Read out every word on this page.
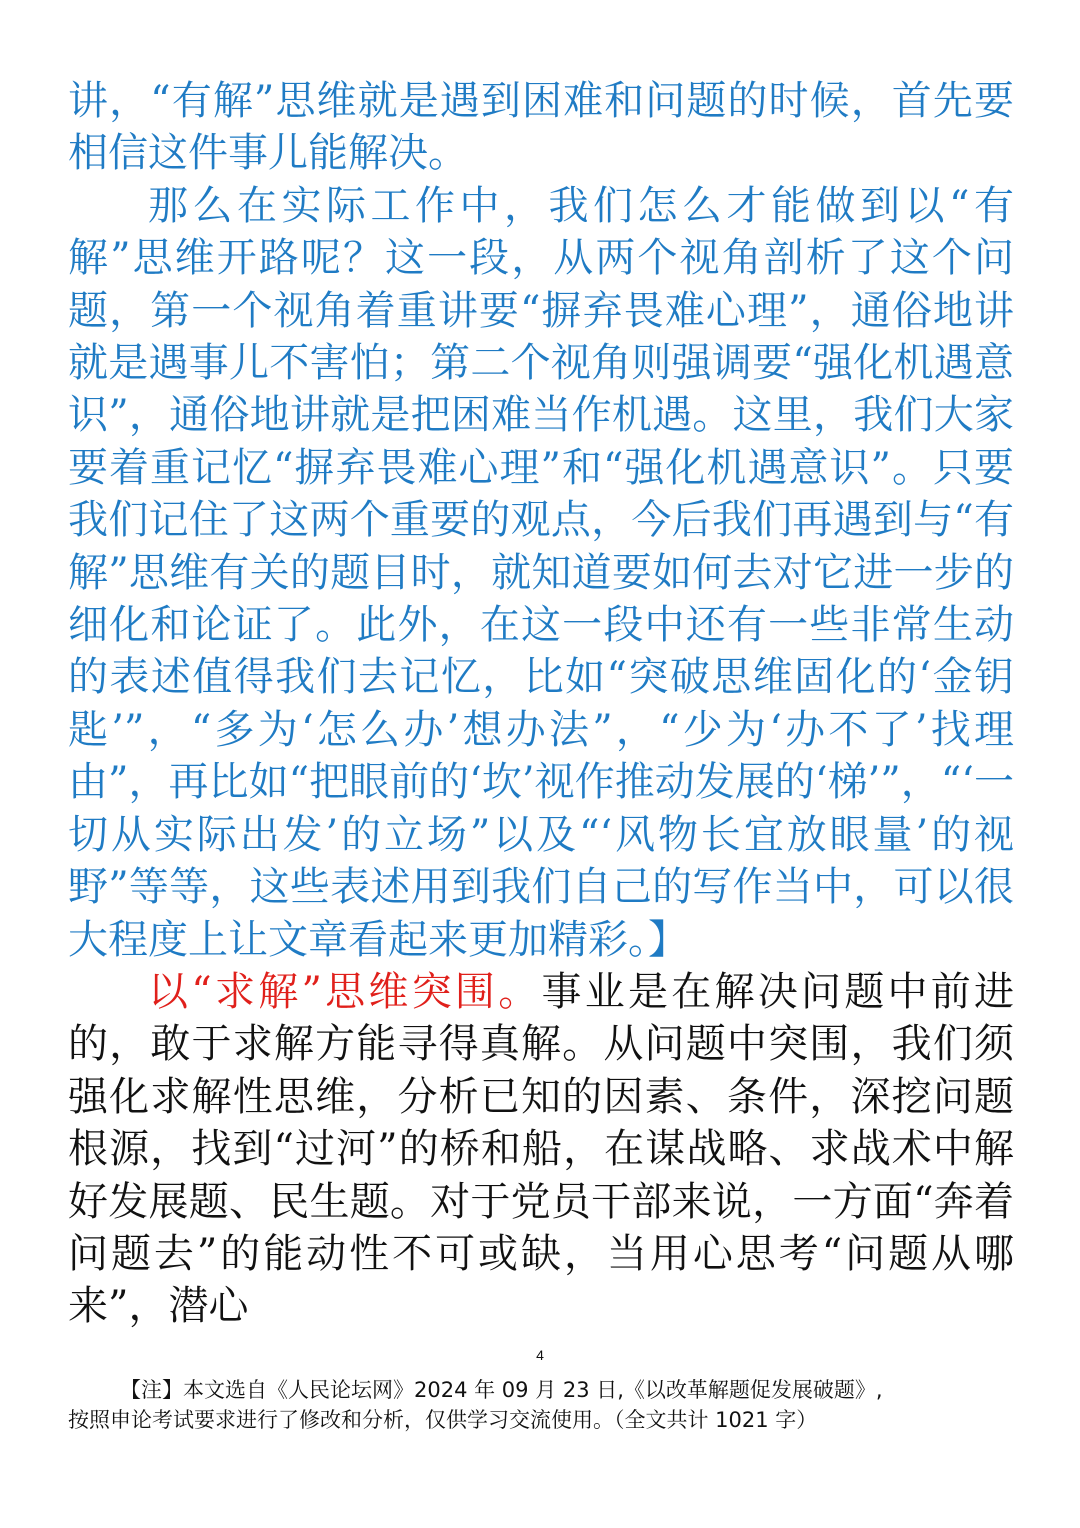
讲，“有解”思维就是遇到困难和问题的时候，首先要相信这件事儿能解决。

那么在实际工作中，我们怎么才能做到以“有解”思维开路呢？这一段，从两个视角剖析了这个问题，第一个视角着重讲要“摒弃畏难心理”，通俗地讲就是遇事儿不害怕；第二个视角则强调要“强化机遇意识”，通俗地讲就是把困难当作机遇。这里，我们大家要着重记忆“摒弃畏难心理”和“强化机遇意识”。只要我们记住了这两个重要的观点，今后我们再遇到与“有解”思维有关的题目时，就知道要如何去对它进一步的细化和论证了。此外，在这一段中还有一些非常生动的表述值得我们去记忆，比如“突破思维固化的‘金钥匙’”，“多为‘怎么办’想办法”，“少为‘办不了’找理由”，再比如“把眼前的‘坎’视作推动发展的‘梯’”，“‘一切从实际出发’的立场”以及“‘风物长宜放眼量’的视野”等等，这些表述用到我们自己的写作当中，可以很大程度上让文章看起来更加精彩。】

以“求解”思维突围。事业是在解决问题中前进的，敢于求解方能寻得真解。从问题中突围，我们须强化求解性思维，分析已知的因素、条件，深挖问题根源，找到“过河”的桥和船，在谋战略、求战术中解好发展题、民生题。对于党员干部来说，一方面“奔着问题去”的能动性不可或缺，当用心思考“问题从哪来”，潜心

4

【注】本文选自《人民论坛网》2024 年 09 月 23 日,《以改革解题促发展破题》,

按照申论考试要求进行了修改和分析，仅供学习交流使用。（全文共计 1021 字）
